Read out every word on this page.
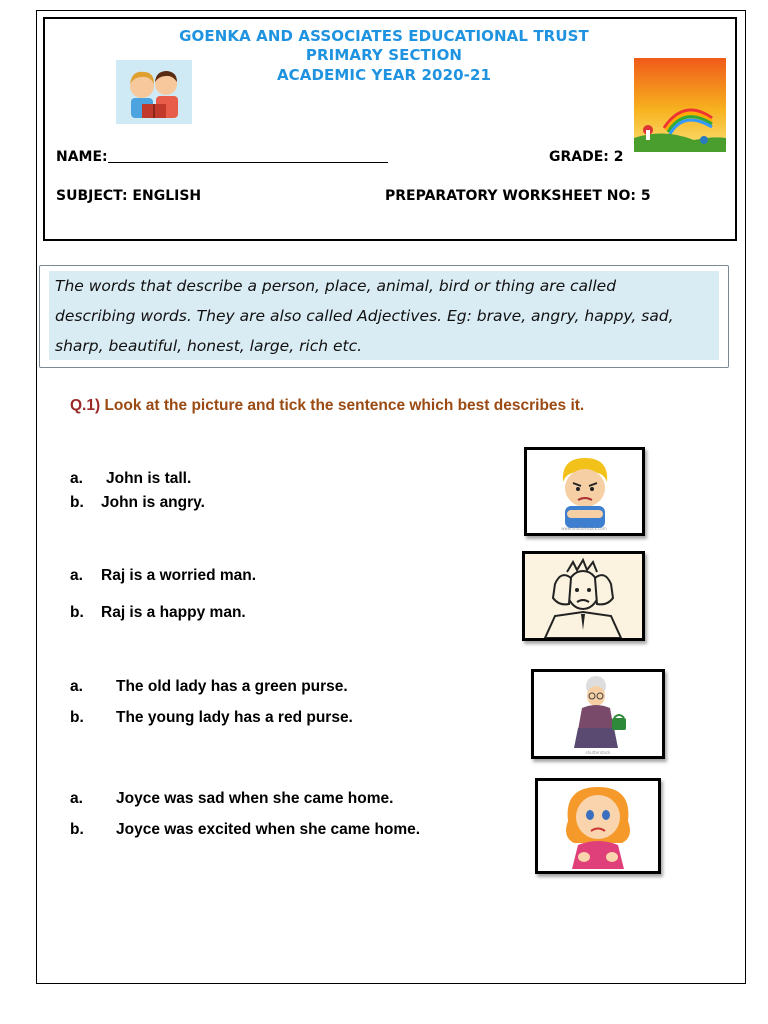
GOENKA AND ASSOCIATES EDUCATIONAL TRUST
PRIMARY SECTION
ACADEMIC YEAR 2020-21
NAME:	GRADE: 2
SUBJECT: ENGLISH	PREPARATORY WORKSHEET NO: 5
The words that describe a person, place, animal, bird or thing are called
describing words. They are also called Adjectives. Eg: brave, angry, happy, sad,
sharp, beautiful, honest, large, rich etc.
Q.1) Look at the picture and tick the sentence which best describes it.
a. John is tall.
b. John is angry.
www.shutterstock.com
a. Raj is a worried man.
b. Raj is a happy man.
a. The old lady has a green purse.
b. The young lady has a red purse.
shutterstock
a. Joyce was sad when she came home.
b. Joyce was excited when she came home.
